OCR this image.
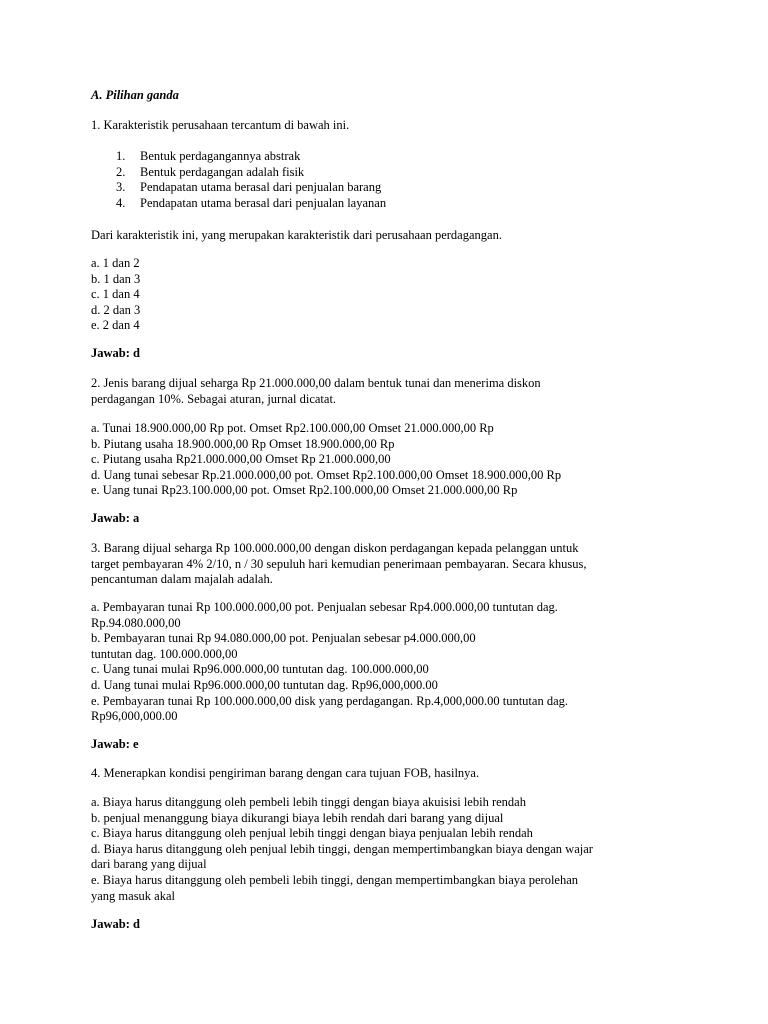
A. Pilihan ganda
1. Karakteristik perusahaan tercantum di bawah ini.
1.	Bentuk perdagangannya abstrak
2.	Bentuk perdagangan adalah fisik
3.	Pendapatan utama berasal dari penjualan barang
4.	Pendapatan utama berasal dari penjualan layanan
Dari karakteristik ini, yang merupakan karakteristik dari perusahaan perdagangan.
a. 1 dan 2
b. 1 dan 3
c. 1 dan 4
d. 2 dan 3
e. 2 dan 4
Jawab: d
2. Jenis barang dijual seharga Rp 21.000.000,00 dalam bentuk tunai dan menerima diskon
perdagangan 10%. Sebagai aturan, jurnal dicatat.
a. Tunai 18.900.000,00 Rp pot. Omset Rp2.100.000,00 Omset 21.000.000,00 Rp
b. Piutang usaha 18.900.000,00 Rp Omset 18.900.000,00 Rp
c. Piutang usaha Rp21.000.000,00 Omset Rp 21.000.000,00
d. Uang tunai sebesar Rp.21.000.000,00 pot. Omset Rp2.100.000,00 Omset 18.900.000,00 Rp
e. Uang tunai Rp23.100.000,00 pot. Omset Rp2.100.000,00 Omset 21.000.000,00 Rp
Jawab: a
3. Barang dijual seharga Rp 100.000.000,00 dengan diskon perdagangan kepada pelanggan untuk
target pembayaran 4% 2/10, n / 30 sepuluh hari kemudian penerimaan pembayaran. Secara khusus,
pencantuman dalam majalah adalah.
a. Pembayaran tunai Rp 100.000.000,00 pot. Penjualan sebesar Rp4.000.000,00 tuntutan dag.
Rp.94.080.000,00
b. Pembayaran tunai Rp 94.080.000,00 pot. Penjualan sebesar p4.000.000,00
tuntutan dag. 100.000.000,00
c. Uang tunai mulai Rp96.000.000,00 tuntutan dag. 100.000.000,00
d. Uang tunai mulai Rp96.000.000,00 tuntutan dag. Rp96,000,000.00
e. Pembayaran tunai Rp 100.000.000,00 disk yang perdagangan. Rp.4,000,000.00 tuntutan dag.
Rp96,000,000.00
Jawab: e
4. Menerapkan kondisi pengiriman barang dengan cara tujuan FOB, hasilnya.
a. Biaya harus ditanggung oleh pembeli lebih tinggi dengan biaya akuisisi lebih rendah
b. penjual menanggung biaya dikurangi biaya lebih rendah dari barang yang dijual
c. Biaya harus ditanggung oleh penjual lebih tinggi dengan biaya penjualan lebih rendah
d. Biaya harus ditanggung oleh penjual lebih tinggi, dengan mempertimbangkan biaya dengan wajar
dari barang yang dijual
e. Biaya harus ditanggung oleh pembeli lebih tinggi, dengan mempertimbangkan biaya perolehan
yang masuk akal
Jawab: d
